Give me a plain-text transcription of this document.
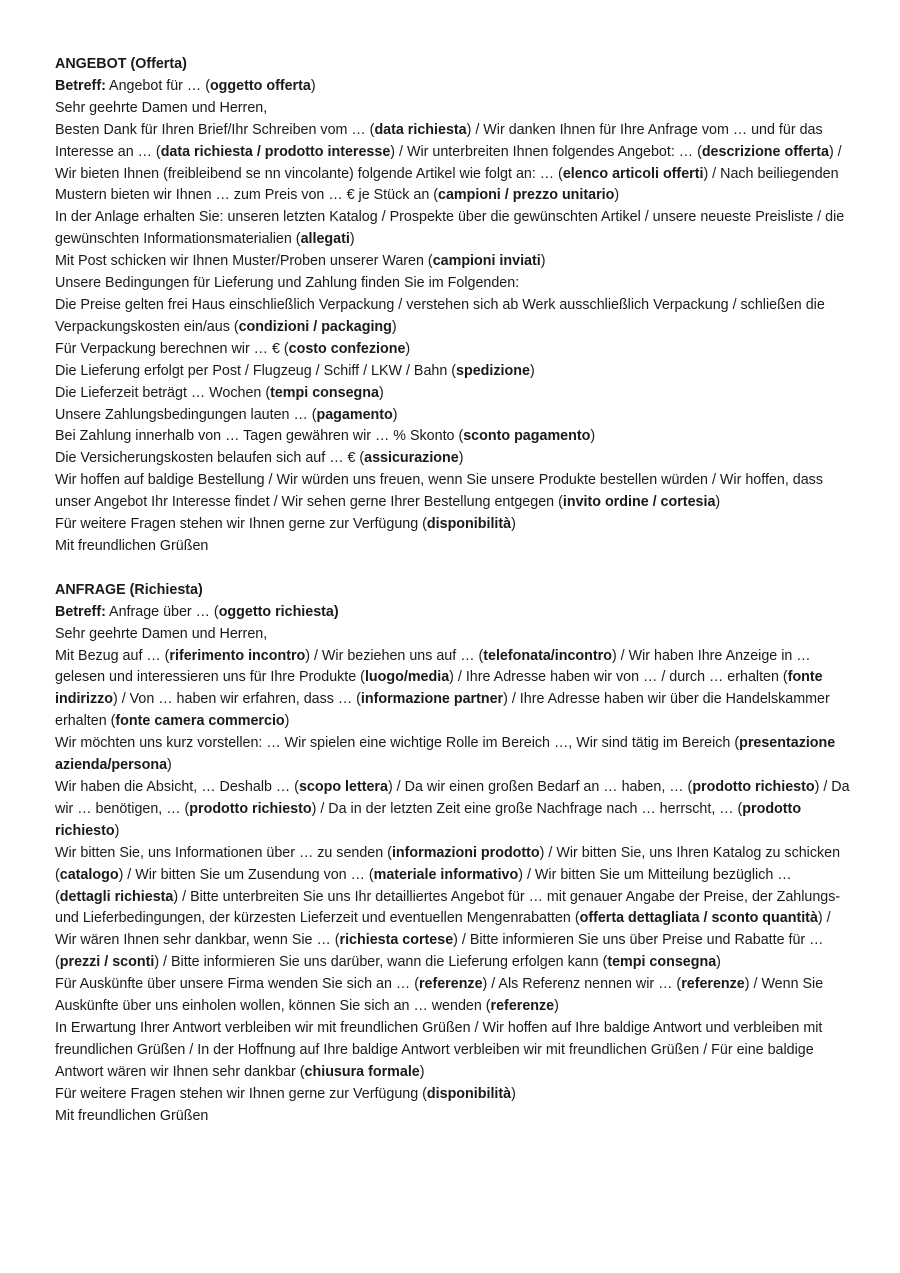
ANGEBOT (Offerta)

Betreff: Angebot für … (oggetto offerta)

Sehr geehrte Damen und Herren,

Besten Dank für Ihren Brief/Ihr Schreiben vom … (data richiesta) / Wir danken Ihnen für Ihre Anfrage vom … und für das Interesse an … (data richiesta / prodotto interesse) / Wir unterbreiten Ihnen folgendes Angebot: … (descrizione offerta) / Wir bieten Ihnen (freibleibend se nn vincolante) folgende Artikel wie folgt an: … (elenco articoli offerti) / Nach beiliegenden Mustern bieten wir Ihnen … zum Preis von … € je Stück an (campioni / prezzo unitario)

In der Anlage erhalten Sie: unseren letzten Katalog / Prospekte über die gewünschten Artikel / unsere neueste Preisliste / die gewünschten Informationsmaterialien (allegati)

Mit Post schicken wir Ihnen Muster/Proben unserer Waren (campioni inviati)

Unsere Bedingungen für Lieferung und Zahlung finden Sie im Folgenden:

Die Preise gelten frei Haus einschließlich Verpackung / verstehen sich ab Werk ausschließlich Verpackung / schließen die Verpackungskosten ein/aus (condizioni / packaging)

Für Verpackung berechnen wir … € (costo confezione)

Die Lieferung erfolgt per Post / Flugzeug / Schiff / LKW / Bahn (spedizione)

Die Lieferzeit beträgt … Wochen (tempi consegna)

Unsere Zahlungsbedingungen lauten … (pagamento)

Bei Zahlung innerhalb von … Tagen gewähren wir … % Skonto (sconto pagamento)

Die Versicherungskosten belaufen sich auf … € (assicurazione)

Wir hoffen auf baldige Bestellung / Wir würden uns freuen, wenn Sie unsere Produkte bestellen würden / Wir hoffen, dass unser Angebot Ihr Interesse findet / Wir sehen gerne Ihrer Bestellung entgegen (invito ordine / cortesia)

Für weitere Fragen stehen wir Ihnen gerne zur Verfügung (disponibilità)

Mit freundlichen Grüßen

ANFRAGE (Richiesta)

Betreff: Anfrage über … (oggetto richiesta)

Sehr geehrte Damen und Herren,

Mit Bezug auf … (riferimento incontro) / Wir beziehen uns auf … (telefonata/incontro) / Wir haben Ihre Anzeige in … gelesen und interessieren uns für Ihre Produkte (luogo/media) / Ihre Adresse haben wir von … / durch … erhalten (fonte indirizzo) / Von … haben wir erfahren, dass … (informazione partner) / Ihre Adresse haben wir über die Handelskammer erhalten (fonte camera commercio)

Wir möchten uns kurz vorstellen: … Wir spielen eine wichtige Rolle im Bereich …, Wir sind tätig im Bereich (presentazione azienda/persona)

Wir haben die Absicht, … Deshalb … (scopo lettera) / Da wir einen großen Bedarf an … haben, … (prodotto richiesto) / Da wir … benötigen, … (prodotto richiesto) / Da in der letzten Zeit eine große Nachfrage nach … herrscht, … (prodotto richiesto)

Wir bitten Sie, uns Informationen über … zu senden (informazioni prodotto) / Wir bitten Sie, uns Ihren Katalog zu schicken (catalogo) / Wir bitten Sie um Zusendung von … (materiale informativo) / Wir bitten Sie um Mitteilung bezüglich … (dettagli richiesta) / Bitte unterbreiten Sie uns Ihr detailliertes Angebot für … mit genauer Angabe der Preise, der Zahlungs- und Lieferbedingungen, der kürzesten Lieferzeit und eventuellen Mengenrabatten (offerta dettagliata / sconto quantità) / Wir wären Ihnen sehr dankbar, wenn Sie … (richiesta cortese) / Bitte informieren Sie uns über Preise und Rabatte für … (prezzi / sconti) / Bitte informieren Sie uns darüber, wann die Lieferung erfolgen kann (tempi consegna)

Für Auskünfte über unsere Firma wenden Sie sich an … (referenze) / Als Referenz nennen wir … (referenze) / Wenn Sie Auskünfte über uns einholen wollen, können Sie sich an … wenden (referenze)

In Erwartung Ihrer Antwort verbleiben wir mit freundlichen Grüßen / Wir hoffen auf Ihre baldige Antwort und verbleiben mit freundlichen Grüßen / In der Hoffnung auf Ihre baldige Antwort verbleiben wir mit freundlichen Grüßen / Für eine baldige Antwort wären wir Ihnen sehr dankbar (chiusura formale)

Für weitere Fragen stehen wir Ihnen gerne zur Verfügung (disponibilità)

Mit freundlichen Grüßen
